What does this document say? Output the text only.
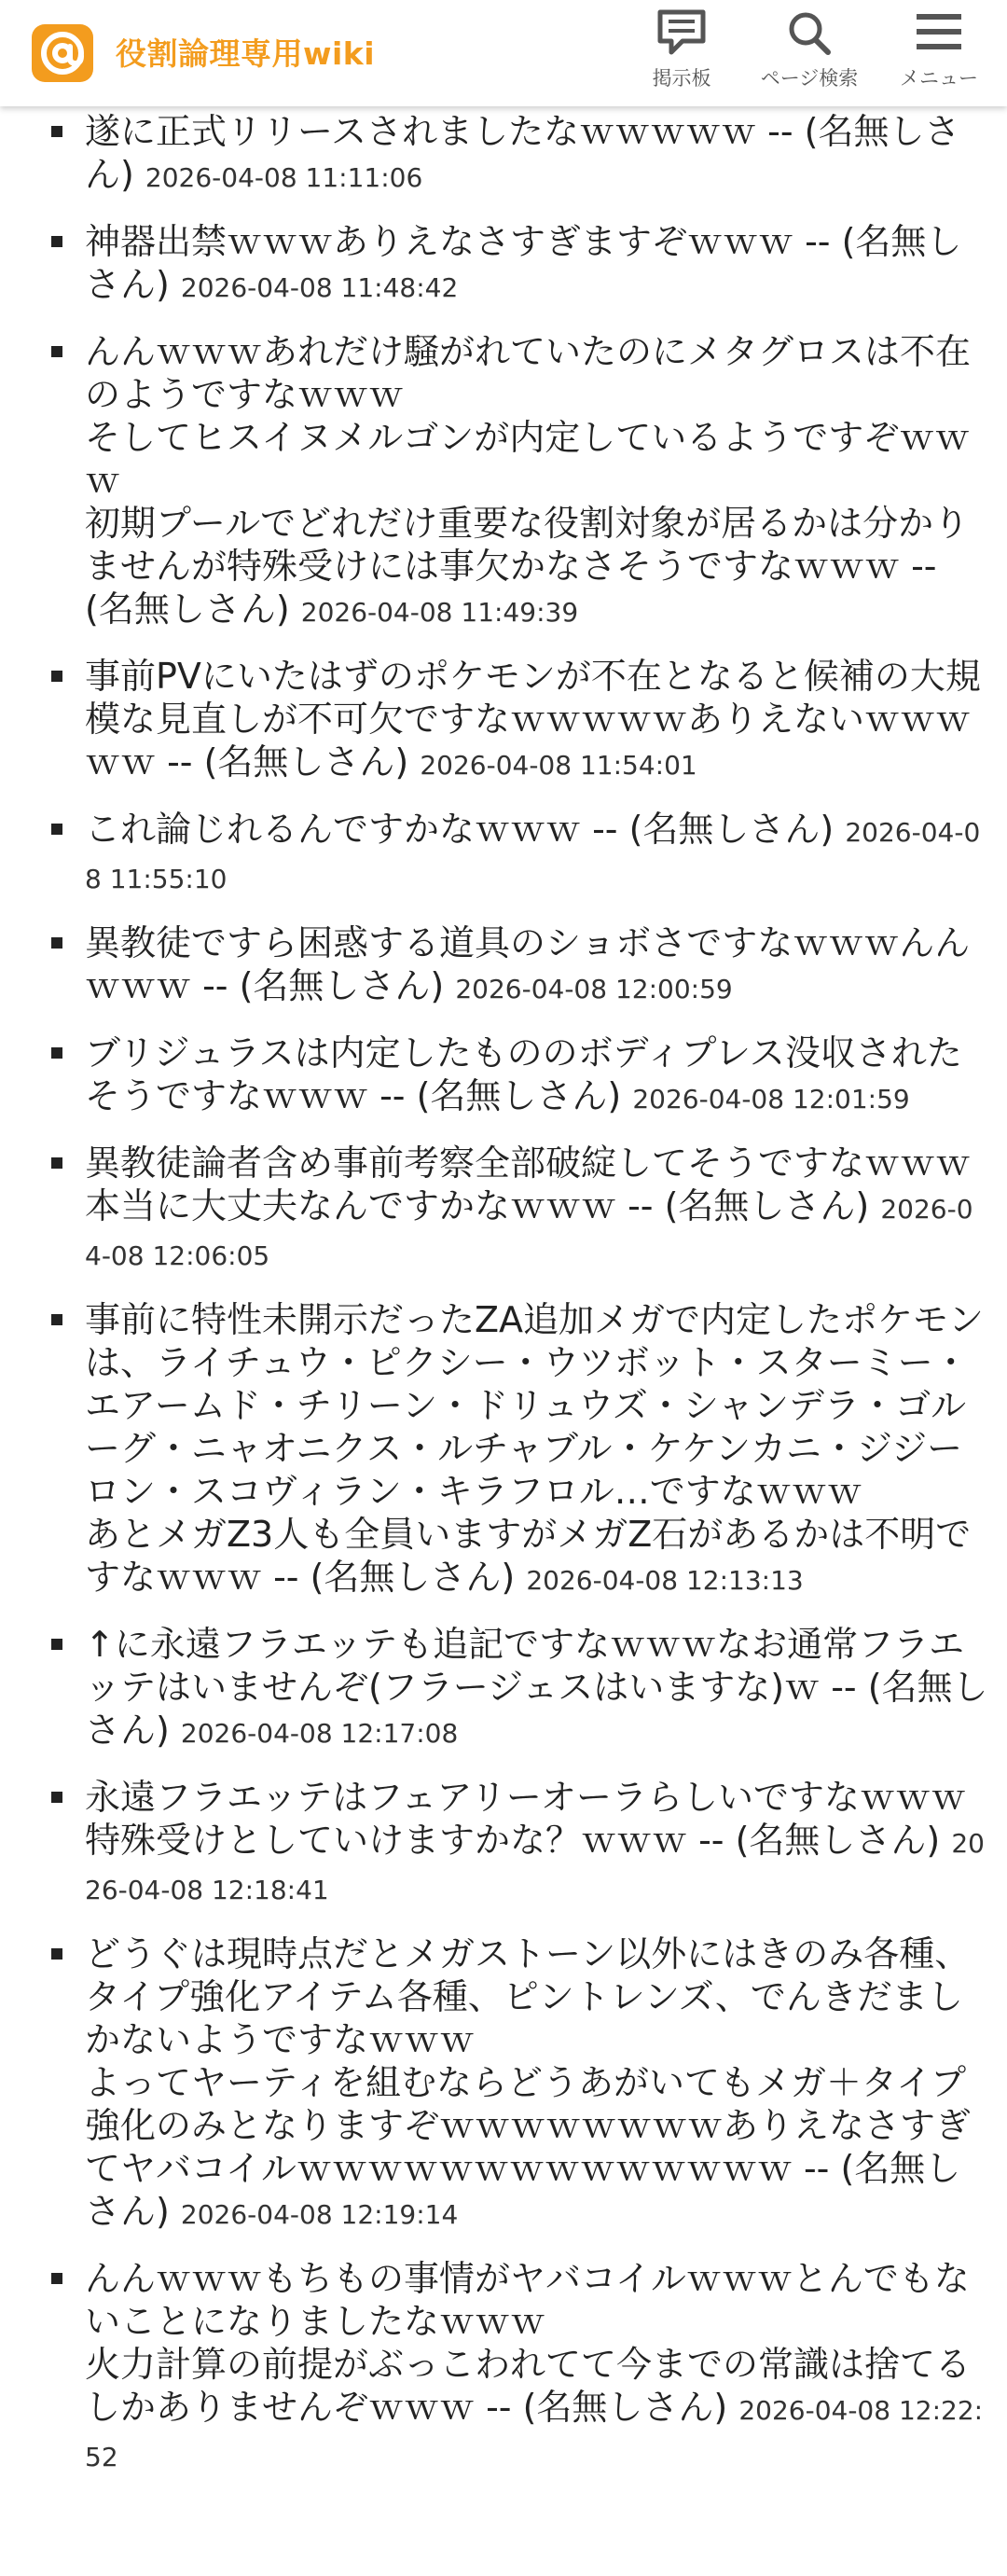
役割論理専用wiki
掲示板	ページ検索	メニュー
遂に正式リリースされましたなｗｗｗｗｗ -- (名無しさん) 2026-04-08 11:11:06
神器出禁ｗｗｗありえなさすぎますぞｗｗｗ -- (名無しさん) 2026-04-08 11:48:42
んんｗｗｗあれだけ騒がれていたのにメタグロスは不在のようですなｗｗｗ
そしてヒスイヌメルゴンが内定しているようですぞｗｗｗ
初期プールでどれだけ重要な役割対象が居るかは分かりませんが特殊受けには事欠かなさそうですなｗｗｗ -- (名無しさん) 2026-04-08 11:49:39
事前PVにいたはずのポケモンが不在となると候補の大規模な見直しが不可欠ですなｗｗｗｗｗありえないｗｗｗｗｗ -- (名無しさん) 2026-04-08 11:54:01
これ論じれるんですかなｗｗｗ -- (名無しさん) 2026-04-08 11:55:10
異教徒ですら困惑する道具のショボさですなｗｗｗんんｗｗｗ -- (名無しさん) 2026-04-08 12:00:59
ブリジュラスは内定したもののボディプレス没収されたそうですなｗｗｗ -- (名無しさん) 2026-04-08 12:01:59
異教徒論者含め事前考察全部破綻してそうですなｗｗｗ
本当に大丈夫なんですかなｗｗｗ -- (名無しさん) 2026-04-08 12:06:05
事前に特性未開示だったZA追加メガで内定したポケモンは、ライチュウ・ピクシー・ウツボット・スターミー・エアームド・チリーン・ドリュウズ・シャンデラ・ゴルーグ・ニャオニクス・ルチャブル・ケケンカニ・ジジーロン・スコヴィラン・キラフロル…ですなｗｗｗ
あとメガZ3人も全員いますがメガZ石があるかは不明ですなｗｗｗ -- (名無しさん) 2026-04-08 12:13:13
↑に永遠フラエッテも追記ですなｗｗｗなお通常フラエッテはいませんぞ(フラージェスはいますな)ｗ -- (名無しさん) 2026-04-08 12:17:08
永遠フラエッテはフェアリーオーラらしいですなｗｗｗ特殊受けとしていけますかな？ｗｗｗ -- (名無しさん) 2026-04-08 12:18:41
どうぐは現時点だとメガストーン以外にはきのみ各種、タイプ強化アイテム各種、ピントレンズ、でんきだましかないようですなｗｗｗ
よってヤーティを組むならどうあがいてもメガ＋タイプ強化のみとなりますぞｗｗｗｗｗｗｗｗありえなさすぎてヤバコイルｗｗｗｗｗｗｗｗｗｗｗｗｗｗ -- (名無しさん) 2026-04-08 12:19:14
んんｗｗｗもちもの事情がヤバコイルｗｗｗとんでもないことになりましたなｗｗｗ
火力計算の前提がぶっこわれてて今までの常識は捨てるしかありませんぞｗｗｗ -- (名無しさん) 2026-04-08 12:22:52
